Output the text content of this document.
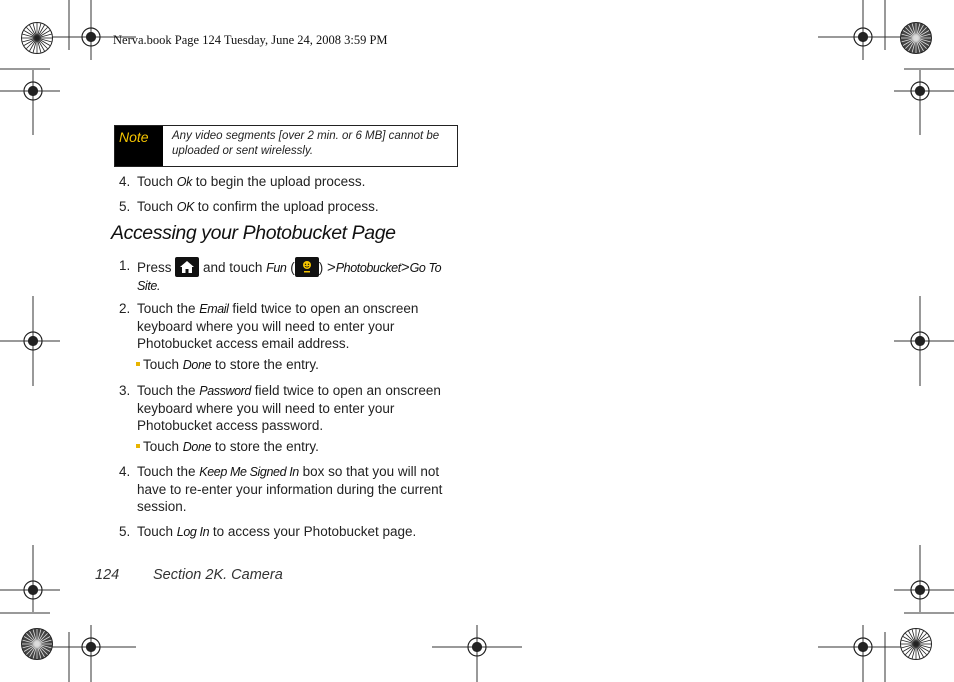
Nerva.book Page 124 Tuesday, June 24, 2008 3:59 PM
Note	Any video segments [over 2 min. or 6 MB] cannot be uploaded or sent wirelessly.
4. Touch Ok to begin the upload process.
5. Touch OK to confirm the upload process.
Accessing your Photobucket Page
1. Press
and touch Fun ( ) >Photobucket>Go To Site.
2. Touch the Email field twice to open an onscreen keyboard where you will need to enter your Photobucket access email address.
Touch Done to store the entry.
3. Touch the Password field twice to open an onscreen keyboard where you will need to enter your Photobucket access password.
Touch Done to store the entry.
4. Touch the Keep Me Signed In box so that you will not have to re-enter your information during the current session.
5. Touch Log In to access your Photobucket page.
124 Section 2K. Camera
